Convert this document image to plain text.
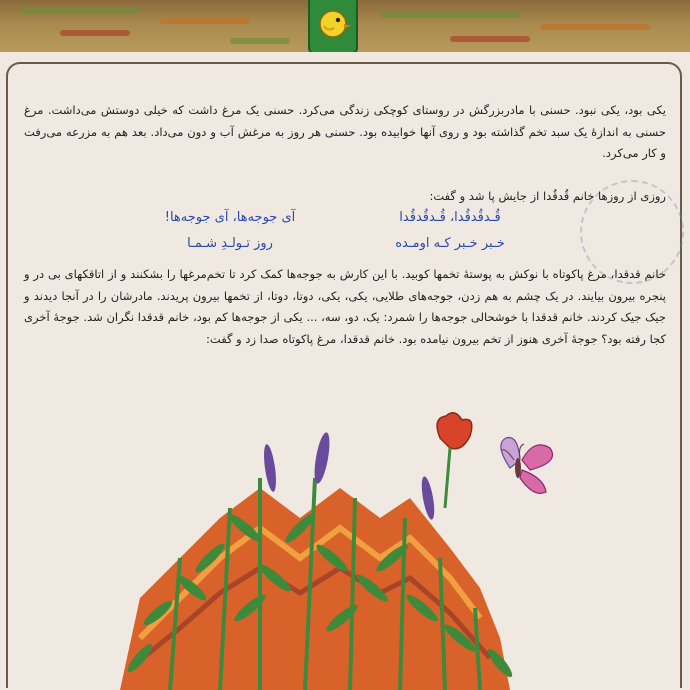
یکی بود، یکی نبود. حسنی با مادربزرگش در روستای کوچکی زندگی می‌کرد. حسنی یک مرغ داشت که خیلی دوستش می‌داشت. مرغ حسنی به اندازهٔ یک سبد تخم گذاشته بود و روی آنها خوابیده بود. حسنی هر روز به مرغش آب و دون می‌داد. بعد هم به مزرعه می‌رفت و کار می‌کرد.

روزی از روزها خانم قُدقُدا از جایش پا شد و گفت:

قُـدقُدقُدا، قُـدقُدقُدا
آی جوجه‌ها، آی جوجه‌ها!
خـبر خـبر کـه اومـده
روز تـولـدِ شـمـا

خانم قدقدا، مرغ پاکوتاه با نوکش به پوستهٔ تخمها کوبید. با این کارش به جوجه‌ها کمک کرد تا تخم‌مرغها را بشکنند و از اتاقکهای بی در و پنجره بیرون بیایند. در یک چشم به هم زدن، جوجه‌های طلایی، یکی، یکی، دوتا، دوتا، از تخمها بیرون پریدند. مادرشان را در آنجا دیدند و جیک جیک کردند. خانم قدقدا با خوشحالی جوجه‌ها را شمرد: یک، دو، سه، ... یکی از جوجه‌ها کم بود، خانم قدقدا نگران شد. جوجهٔ آخری کجا رفته بود؟ جوجهٔ آخری هنوز از تخم بیرون نیامده بود. خانم قدقدا، مرغ پاکوتاه صدا زد و گفت:
